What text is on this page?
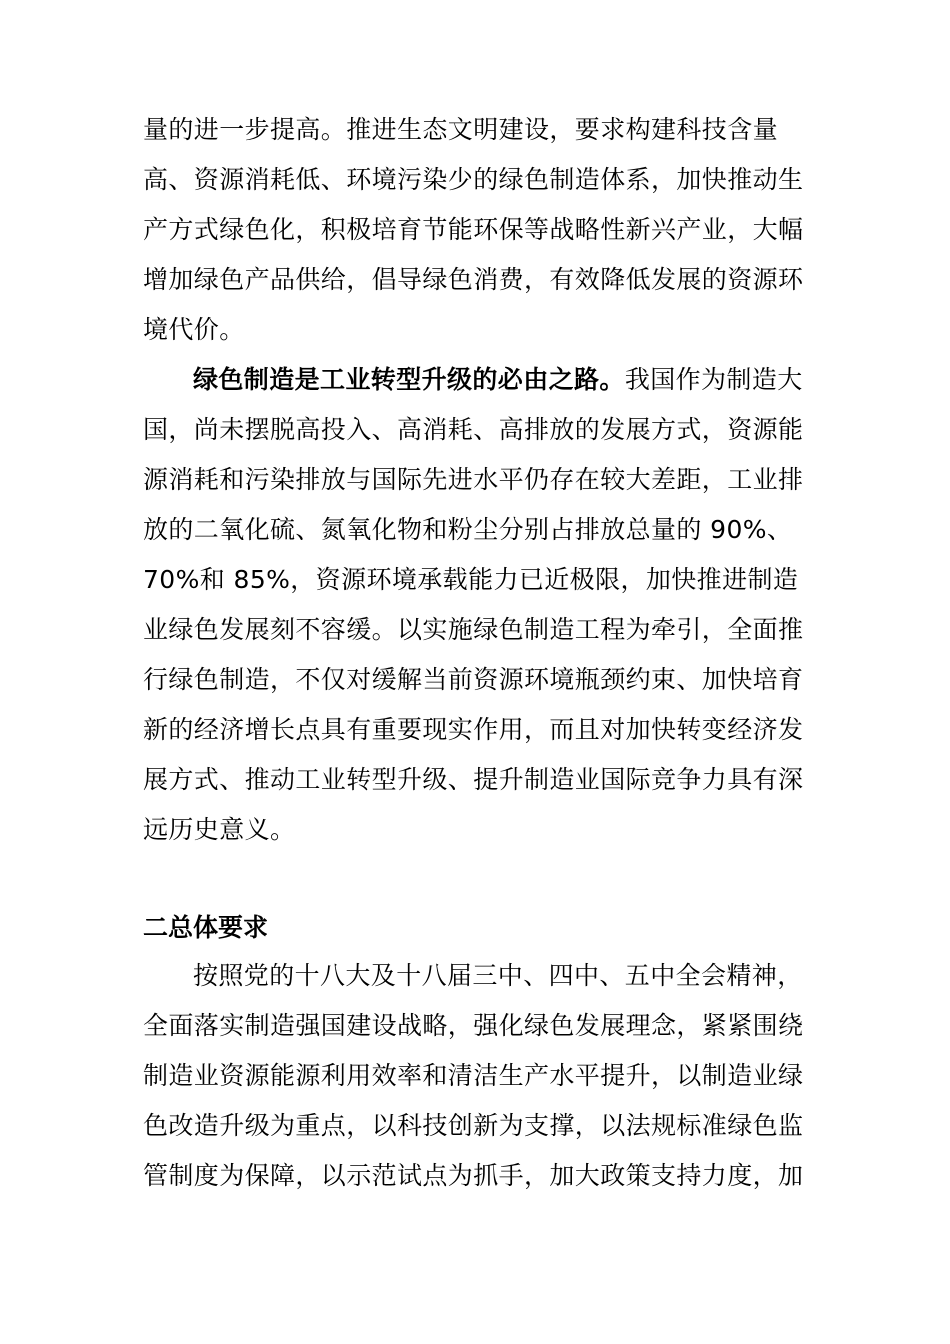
量的进一步提高。推进生态文明建设，要求构建科技含量高、资源消耗低、环境污染少的绿色制造体系，加快推动生产方式绿色化，积极培育节能环保等战略性新兴产业，大幅增加绿色产品供给，倡导绿色消费，有效降低发展的资源环境代价。
绿色制造是工业转型升级的必由之路。我国作为制造大国，尚未摆脱高投入、高消耗、高排放的发展方式，资源能源消耗和污染排放与国际先进水平仍存在较大差距，工业排放的二氧化硫、氮氧化物和粉尘分别占排放总量的 90%、70%和 85%，资源环境承载能力已近极限，加快推进制造业绿色发展刻不容缓。以实施绿色制造工程为牵引，全面推行绿色制造，不仅对缓解当前资源环境瓶颈约束、加快培育新的经济增长点具有重要现实作用，而且对加快转变经济发展方式、推动工业转型升级、提升制造业国际竞争力具有深远历史意义。
二总体要求
按照党的十八大及十八届三中、四中、五中全会精神，全面落实制造强国建设战略，强化绿色发展理念，紧紧围绕制造业资源能源利用效率和清洁生产水平提升，以制造业绿色改造升级为重点，以科技创新为支撑，以法规标准绿色监管制度为保障，以示范试点为抓手，加大政策支持力度，加
